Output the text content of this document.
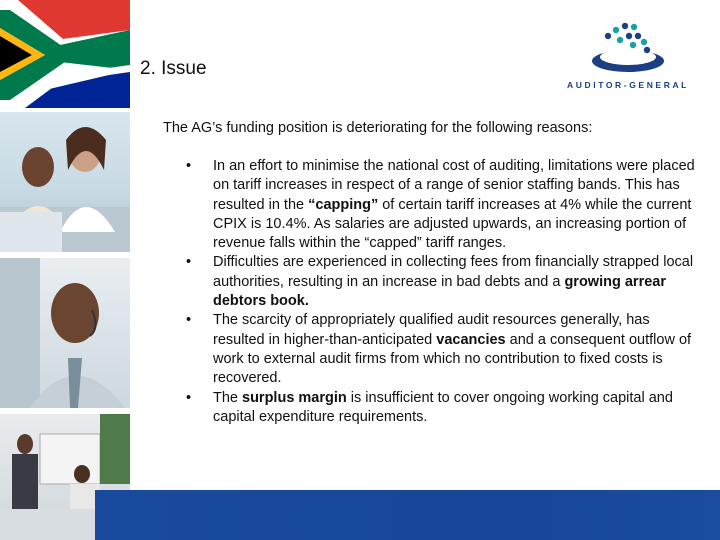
AUDITOR-GENERAL
2. Issue
The AG’s funding position is deteriorating for the following reasons:
•	In an effort to minimise the national cost of auditing, limitations were placed on tariff increases in respect of a range of senior staffing bands. This has resulted in the “capping” of certain tariff increases at 4% while the current CPIX is 10.4%. As salaries are adjusted upwards, an increasing portion of revenue falls within the “capped” tariff ranges.
•	Difficulties are experienced in collecting fees from financially strapped local authorities, resulting in an increase in bad debts and a growing arrear debtors book.
•	The scarcity of appropriately qualified audit resources generally, has resulted in higher-than-anticipated vacancies and a consequent outflow of work to external audit firms from which no contribution to fixed costs is recovered.
•	The surplus margin is insufficient to cover ongoing working capital and capital expenditure requirements.
